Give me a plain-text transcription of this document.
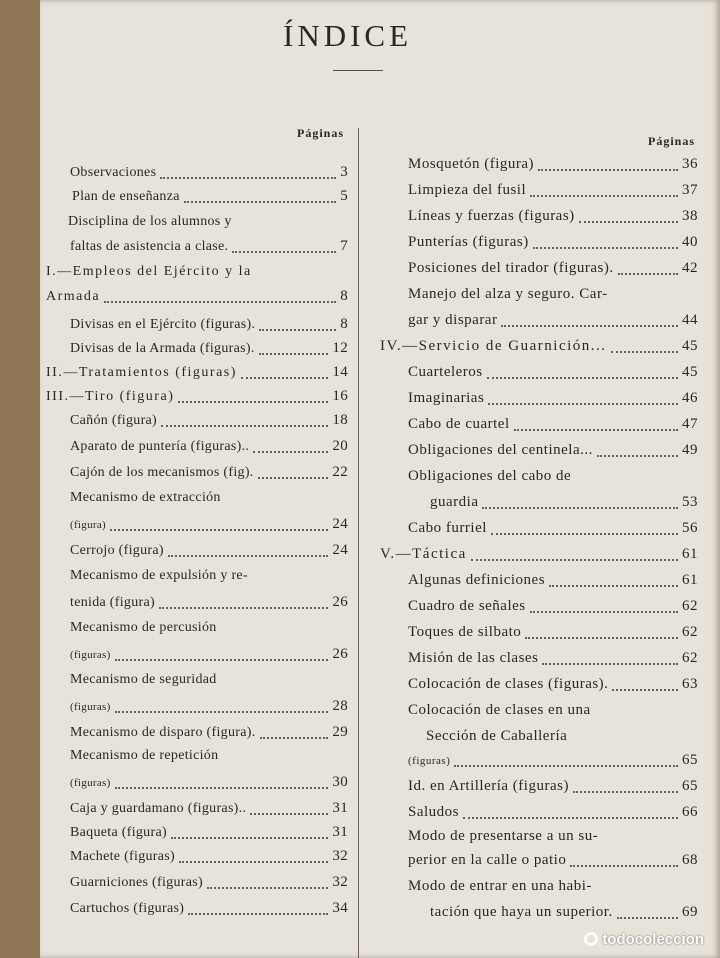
ÍNDICE
Páginas
Observaciones	3
Plan de enseñanza	5
Disciplina de los alumnos y
faltas de asistencia a clase.	7
I.—Empleos del Ejército y la
Armada	8
Divisas en el Ejército (figuras).	8
Divisas de la Armada (figuras).	12
II.—Tratamientos (figuras)	14
III.—Tiro (figura)	16
Cañón (figura)	18
Aparato de puntería (figuras)..	20
Cajón de los mecanismos (fig).	22
Mecanismo de extracción
(figura)	24
Cerrojo (figura)	24
Mecanismo de expulsión y re-
tenida (figura)	26
Mecanismo de percusión
(figuras)	26
Mecanismo de seguridad
(figuras)	28
Mecanismo de disparo (figura).	29
Mecanismo de repetición
(figuras)	30
Caja y guardamano (figuras)..	31
Baqueta (figura)	31
Machete (figuras)	32
Guarniciones (figuras)	32
Cartuchos (figuras)	34
Páginas
Mosquetón (figura)	36
Limpieza del fusil	37
Líneas y fuerzas (figuras)	38
Punterías (figuras)	40
Posiciones del tirador (figuras).	42
Manejo del alza y seguro. Car-
gar y disparar	44
IV.—Servicio de Guarnición...	45
Cuarteleros	45
Imaginarias	46
Cabo de cuartel	47
Obligaciones del centinela...	49
Obligaciones del cabo de
guardia	53
Cabo furriel	56
V.—Táctica	61
Algunas definiciones	61
Cuadro de señales	62
Toques de silbato	62
Misión de las clases	62
Colocación de clases (figuras).	63
Colocación de clases en una
Sección de Caballería
(figuras)	65
Id. en Artillería (figuras)	65
Saludos	66
Modo de presentarse a un su-
perior en la calle o patio	68
Modo de entrar en una habi-
tación que haya un superior.	69
todocoleccion
